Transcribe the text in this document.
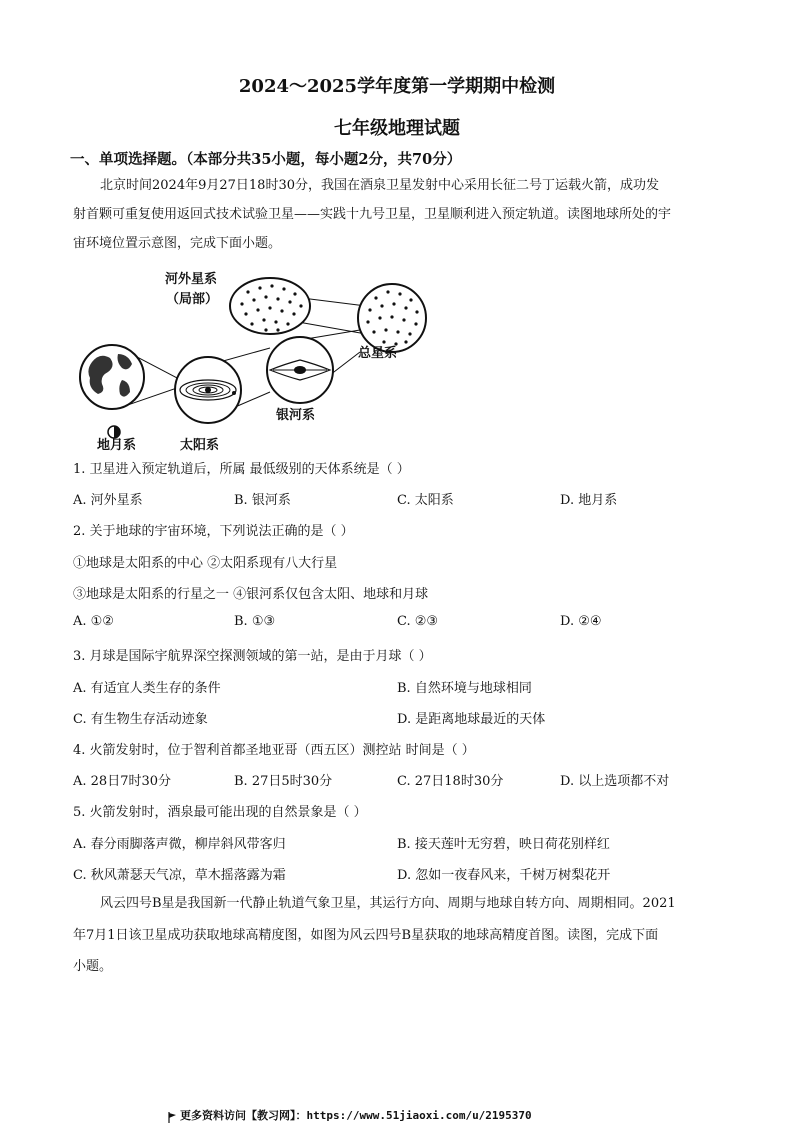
2024～2025学年度第一学期期中检测
七年级地理试题
一、单项选择题。（本部分共35小题，每小题2分，共70分）
北京时间2024年9月27日18时30分，我国在酒泉卫星发射中心采用长征二号丁运载火箭，成功发
射首颗可重复使用返回式技术试验卫星——实践十九号卫星，卫星顺利进入预定轨道。读图地球所处的宇
宙环境位置示意图，完成下面小题。
河外星系
（局部）
总星系
银河系
地月系	太阳系
1. 卫星进入预定轨道后，所属 最低级别的天体系统是（ ）
A. 河外星系	B. 银河系	C. 太阳系	D. 地月系
2. 关于地球的宇宙环境，下列说法正确的是（ ）
①地球是太阳系的中心 ②太阳系现有八大行星
③地球是太阳系的行星之一 ④银河系仅包含太阳、地球和月球
A. ①②	B. ①③	C. ②③	D. ②④
3. 月球是国际宇航界深空探测领域的第一站，是由于月球（ ）
A. 有适宜人类生存的条件	B. 自然环境与地球相同
C. 有生物生存活动迹象	D. 是距离地球最近的天体
4. 火箭发射时，位于智利首都圣地亚哥（西五区）测控站 时间是（ ）
A. 28日7时30分	B. 27日5时30分	C. 27日18时30分	D. 以上选项都不对
5. 火箭发射时，酒泉最可能出现的自然景象是（ ）
A. 春分雨脚落声微，柳岸斜风带客归	B. 接天莲叶无穷碧，映日荷花别样红
C. 秋风萧瑟天气凉，草木摇落露为霜	D. 忽如一夜春风来，千树万树梨花开
风云四号B星是我国新一代静止轨道气象卫星，其运行方向、周期与地球自转方向、周期相同。2021
年7月1日该卫星成功获取地球高精度图，如图为风云四号B星获取的地球高精度首图。读图，完成下面
小题。
更多资料访问【教习网】：https://www.51jiaoxi.com/u/2195370
